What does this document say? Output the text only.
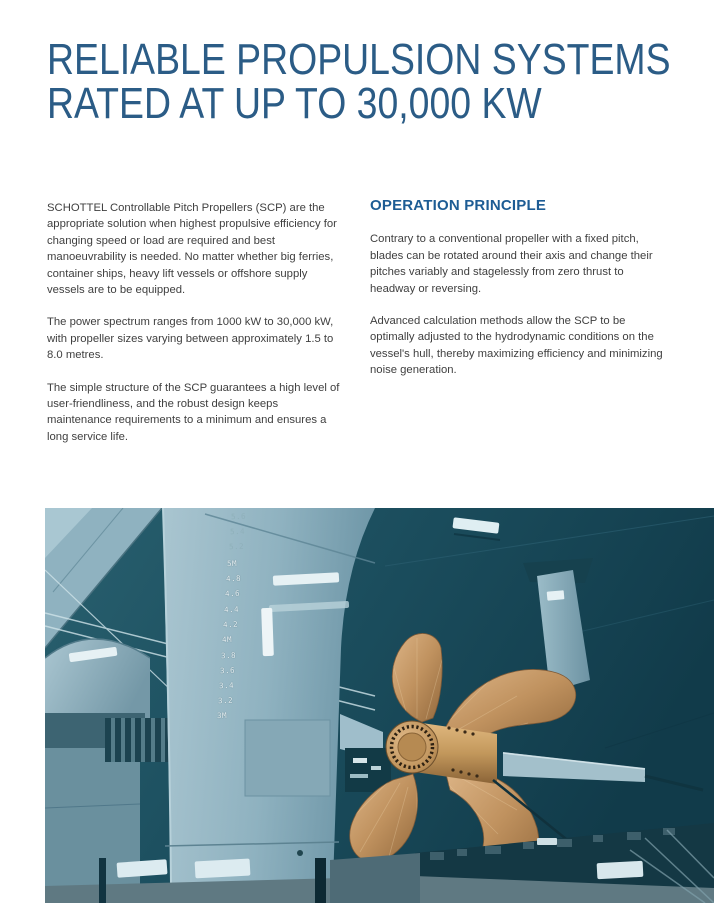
RELIABLE PROPULSION SYSTEMS
RATED AT UP TO 30,000 KW

SCHOTTEL Controllable Pitch Propellers (SCP) are the appropriate solution when highest propulsive efficiency for changing speed or load are required and best manoeuvrability is needed. No matter whether big ferries, container ships, heavy lift vessels or offshore supply vessels are to be equipped.

The power spectrum ranges from 1000 kW to 30,000 kW, with propeller sizes varying between approximately 1.5 to 8.0 metres.

The simple structure of the SCP guarantees a high level of user-friendliness, and the robust design keeps maintenance requirements to a minimum and ensures a long service life.

OPERATION PRINCIPLE

Contrary to a conventional propeller with a fixed pitch, blades can be rotated around their axis and change their pitches variably and stagelessly from zero thrust to headway or reversing.

Advanced calculation methods allow the SCP to be optimally adjusted to the hydrodynamic conditions on the vessel's hull, thereby maximizing efficiency and minimizing noise generation.

5.6
5.4
5.2
5M
4.8
4.6
4.4
4.2
4M
3.8
3.6
3.4
3.2
3M
